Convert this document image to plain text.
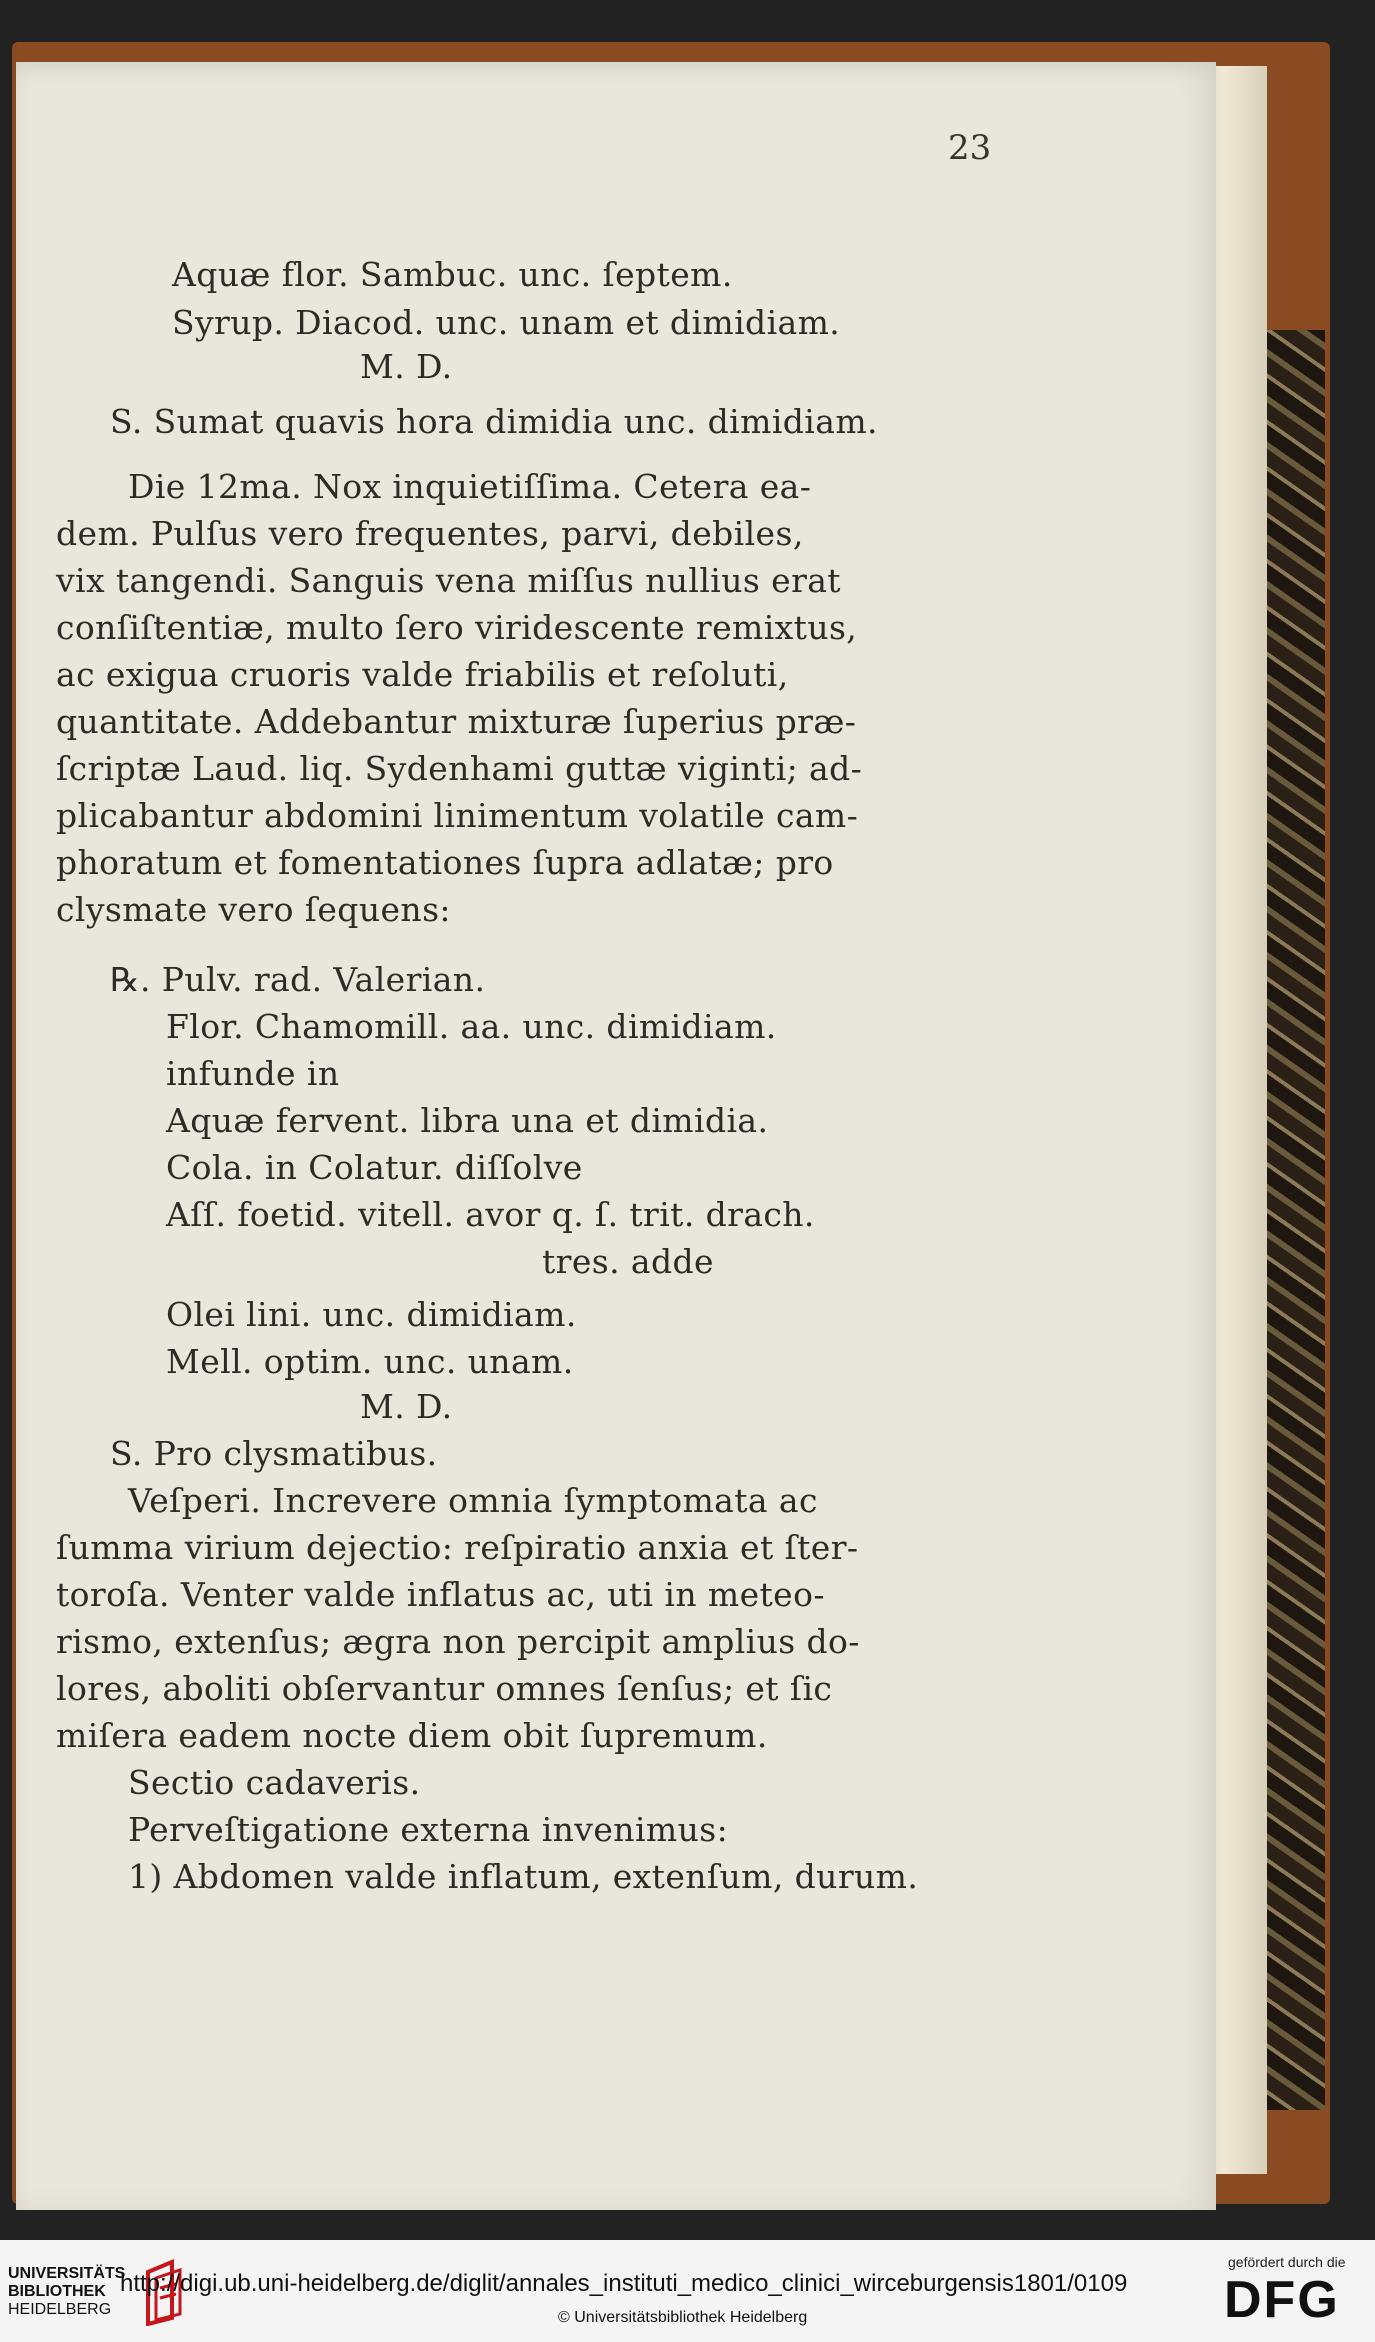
23
Aquæ flor. Sambuc. unc. ſeptem.
Syrup. Diacod. unc. unam et dimidiam.
M. D.
S. Sumat quavis hora dimidia unc. dimidiam.
Die 12ma. Nox inquietiſſima. Cetera ea-
dem. Pulſus vero frequentes, parvi, debiles,
vix tangendi. Sanguis vena miſſus nullius erat
conſiſtentiæ, multo ſero viridescente remixtus,
ac exigua cruoris valde friabilis et reſoluti,
quantitate. Addebantur mixturæ ſuperius præ-
ſcriptæ Laud. liq. Sydenhami guttæ viginti; ad-
plicabantur abdomini linimentum volatile cam-
phoratum et fomentationes ſupra adlatæ; pro
clysmate vero ſequens:
℞. Pulv. rad. Valerian.
Flor. Chamomill. aa. unc. dimidiam.
infunde in
Aquæ fervent. libra una et dimidia.
Cola. in Colatur. diſſolve
Aſſ. foetid. vitell. avor q. ſ. trit. drach.
tres. adde
Olei lini. unc. dimidiam.
Mell. optim. unc. unam.
M. D.
S. Pro clysmatibus.
Veſperi. Increvere omnia ſymptomata ac
ſumma virium dejectio: reſpiratio anxia et ſter-
toroſa. Venter valde inflatus ac, uti in meteo-
rismo, extenſus; ægra non percipit amplius do-
lores, aboliti obſervantur omnes ſenſus; et ſic
miſera eadem nocte diem obit ſupremum.
Sectio cadaveris.
Perveſtigatione externa invenimus:
1) Abdomen valde inflatum, extenſum, durum.
UNIVERSITÄTS
BIBLIOTHEK
HEIDELBERG
http://digi.ub.uni-heidelberg.de/diglit/annales_instituti_medico_clinici_wirceburgensis1801/0109
© Universitätsbibliothek Heidelberg
gefördert durch die
DFG
